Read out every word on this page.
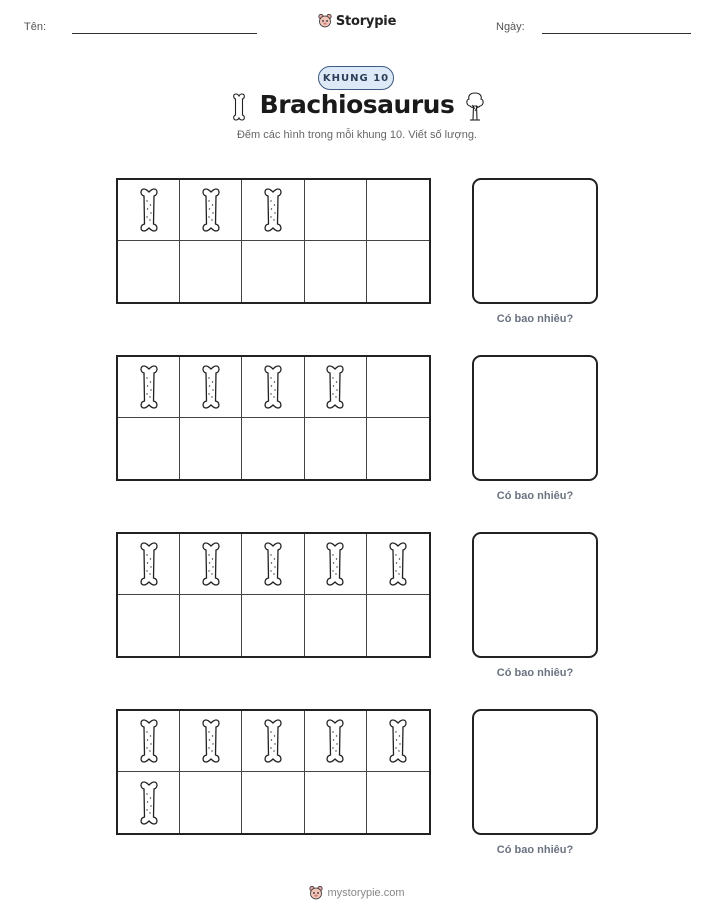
Tên:	Storypie	Ngày:
KHUNG 10
Brachiosaurus
Đếm các hình trong mỗi khung 10. Viết số lượng.
Có bao nhiêu?
Có bao nhiêu?
Có bao nhiêu?
Có bao nhiêu?
mystorypie.com
